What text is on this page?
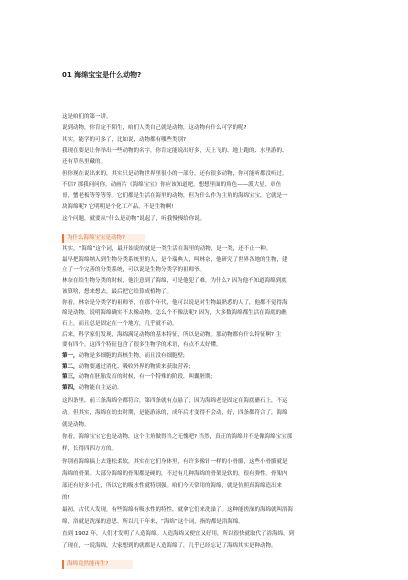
01 海绵宝宝是什么动物?
这是咱们的第一讲。
说到动物，你肯定不陌生，咱们人类自己就是动物，这动物有什么可学的呢?
其实，能学的可多了，比如说，动物都有哪些类别?
我现在要是让你举出一些动物的名字，你肯定能说出好多，天上飞的、地上跑的、水里游的、
还有草丛里藏的。
但你现在说出来的，其实只是动物世界里很小的一部分，还有很多动物，你可能听都没听过。
不信? 那我问问你，动画片《海绵宝宝》你应该知道吧，想想里面的角色——派大星、章鱼
哥，蟹老板等等等等。它们都是生活在海里的动物，但为什么作为主角的海绵宝宝，它就是一
块海绵呢? 它明明是个化工产品，不是生物啊!
这个问题，就要从“什么是动物”说起了，听我慢慢给你说。
为什么海绵宝宝是动物?
其实，“海绵”这个词，最开始说的就是一类生活在海里的动物，是一类，还不止一种。
最早把海绵纳入到生物分类系统里的人，是个瑞典人，叫林奈，他研究了世界各地的生物，建
立了一个完善的分类系统，可以说是生物分类学的祖师爷。
林奈在给生物分类的时候，他注意到了海绵，可是他犯了难。为什么? 因为他不知道海绵到底
该算啥，想来想去，最后把它给算成植物了。
你看，林奈是分类学的祖师爷，在那个年代，他可以说是对生物最熟悉的人了，他都不觉得海
绵是动物，说明海绵确实不太像动物。怎么个不像法呢? 因为，大多数海绵都生活在海底的礁
石上，而且总是固定在一个地方，几乎就不动。
后来，科学家们发现，海绵满足动物的基本特征，所以是动物。那动物都有什么特征啊? 主
要有四个，这四个特征包含了很多生物学的术语，有点不太好懂。
第一，动物是多细胞的真核生物，而且没有细胞壁;
第二，动物要通过消化、吸收外界的物质来获取营养;
第三，动物在胚胎发育的时候，有一个特殊的阶段，叫囊胚期;
第四，动物能自主运动。
这四条里，前三条海绵全都符合，第四条就有点悬了，因为海绵老是固定在海底礁石上，不运
动。但其实，海绵在幼虫时期，是能游泳的，成年后才变得不会动，好，四条都符合了，海绵
就是动物。
你看，海绵宝宝它也是动物，这个主角做得当之无愧吧? 当然，真正的海绵并不是像海绵宝宝那
样，长得四四方方的。
你别看海绵搞上去蓬松柔软，其实在它们身体里，有许多像针一样的小骨骼，这些小骨骼就是
海绵的骨架。大部分海绵的骨架都是硬的，不过有几种海绵的骨架是软的，很有弹性。骨架内
部还有好多小孔，所以它的吸水性就特别强。咱们今天常用的海绵，就是仿照真海绵造出来
的!
最初，古代人发现，有些海绵有吸水性的特性，就拿它们来洗澡了。这种能搓澡的海绵就叫浴海
绵，浴就是洗澡的意思。所以几千年来，“海绵”这个词，指的都是浴海绵。
直到 1902 年，人们才发明了人造海绵。人造海绵又便宜又好用，所以很快就取代了浴海绵。到
了现在，一说海绵，大家想到的就都是人造海绵了，几乎已经忘记了海绵其实是种动物。
海绵竟然能再生?
